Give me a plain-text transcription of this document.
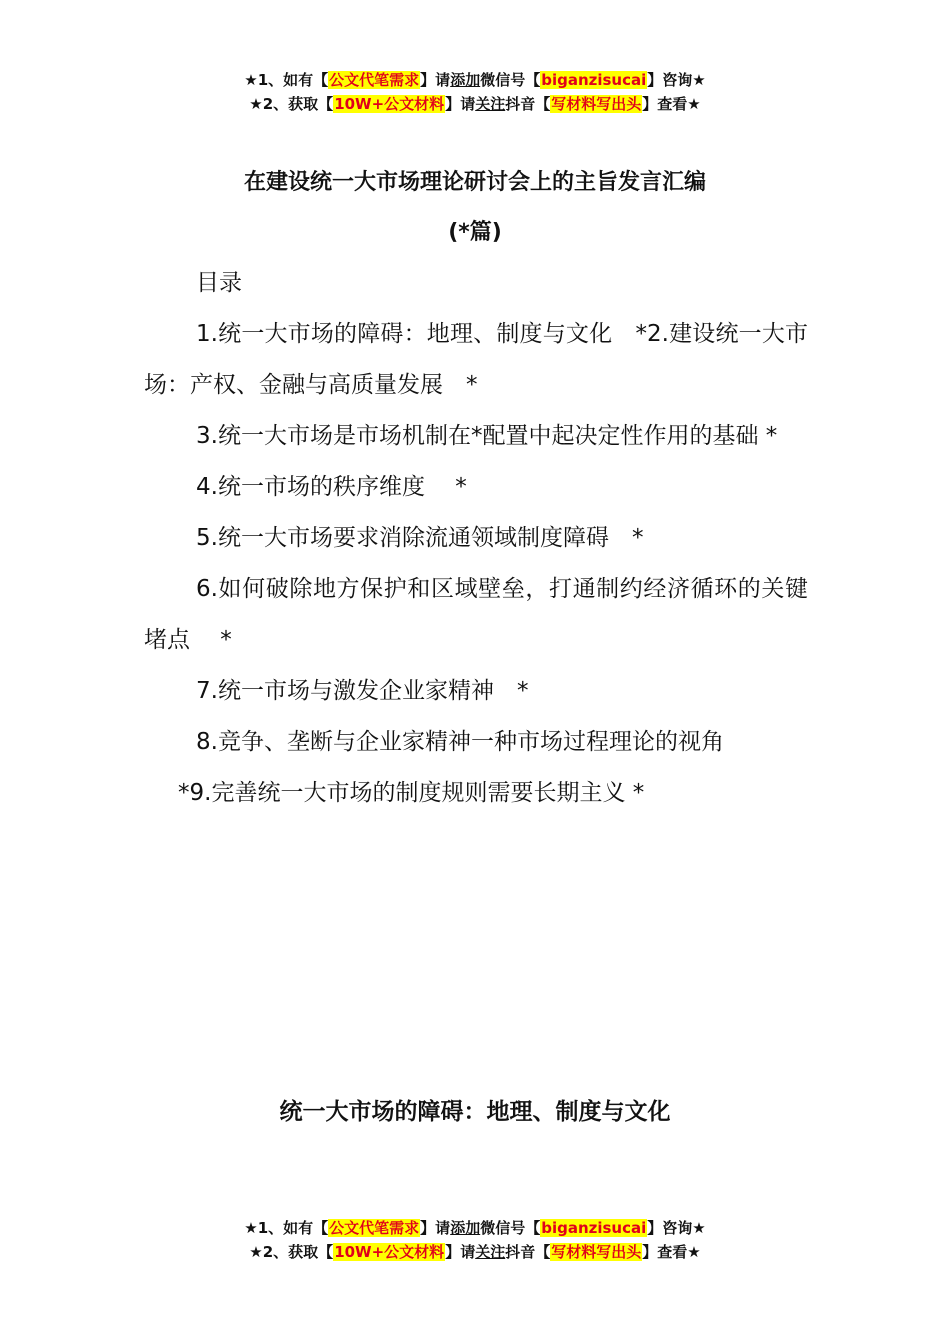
★1、如有【公文代笔需求】请添加微信号【biganzisucai】咨询★
★2、获取【10W+公文材料】请关注抖音【写材料写出头】查看★
在建设统一大市场理论研讨会上的主旨发言汇编
(*篇)

目录

1.统一大市场的障碍：地理、制度与文化　*2.建设统一大市场：产权、金融与高质量发展　*

3.统一大市场是市场机制在*配置中起决定性作用的基础 *

4.统一市场的秩序维度　 *

5.统一大市场要求消除流通领域制度障碍　*

6.如何破除地方保护和区域壁垒，打通制约经济循环的关键堵点　 *

7.统一市场与激发企业家精神　*

8.竞争、垄断与企业家精神一种市场过程理论的视角

*9.完善统一大市场的制度规则需要长期主义 *

统一大市场的障碍：地理、制度与文化
★1、如有【公文代笔需求】请添加微信号【biganzisucai】咨询★
★2、获取【10W+公文材料】请关注抖音【写材料写出头】查看★
